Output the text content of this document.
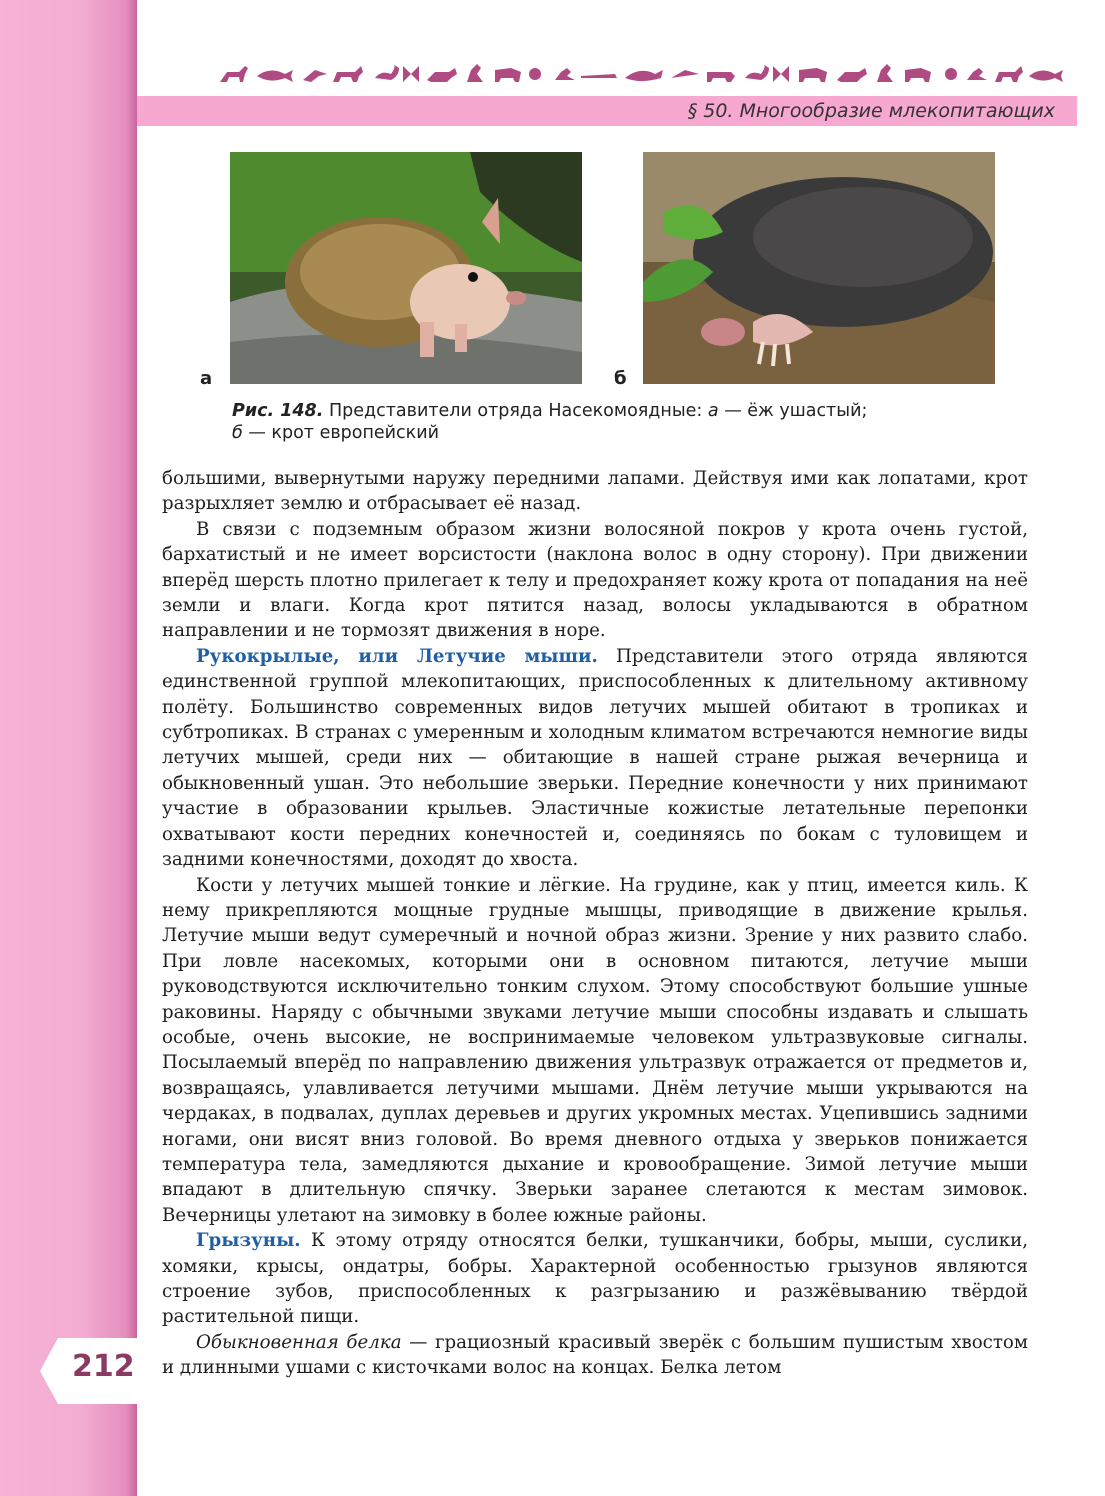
§ 50. Многообразие млекопитающих
а	б
Рис. 148. Представители отряда Насекомоядные: а — ёж ушастый;
б — крот европейский

большими, вывернутыми наружу передними лапами. Действуя ими как лопатами, крот разрыхляет землю и отбрасывает её назад.

В связи с подземным образом жизни волосяной покров у крота очень густой, бархатистый и не имеет ворсистости (наклона волос в одну сторону). При движении вперёд шерсть плотно прилегает к телу и предохраняет кожу крота от попадания на неё земли и влаги. Когда крот пятится назад, волосы укладываются в обратном направлении и не тормозят движения в норе.

Рукокрылые, или Летучие мыши. Представители этого отряда являются единственной группой млекопитающих, приспособленных к длительному активному полёту. Большинство современных видов летучих мышей обитают в тропиках и субтропиках. В странах с умеренным и холодным климатом встречаются немногие виды летучих мышей, среди них — обитающие в нашей стране рыжая вечерница и обыкновенный ушан. Это небольшие зверьки. Передние конечности у них принимают участие в образовании крыльев. Эластичные кожистые летательные перепонки охватывают кости передних конечностей и, соединяясь по бокам с туловищем и задними конечностями, доходят до хвоста.

Кости у летучих мышей тонкие и лёгкие. На грудине, как у птиц, имеется киль. К нему прикрепляются мощные грудные мышцы, приводящие в движение крылья. Летучие мыши ведут сумеречный и ночной образ жизни. Зрение у них развито слабо. При ловле насекомых, которыми они в основном питаются, летучие мыши руководствуются исключительно тонким слухом. Этому способствуют большие ушные раковины. Наряду с обычными звуками летучие мыши способны издавать и слышать особые, очень высокие, не воспринимаемые человеком ультразвуковые сигналы. Посылаемый вперёд по направлению движения ультразвук отражается от предметов и, возвращаясь, улавливается летучими мышами. Днём летучие мыши укрываются на чердаках, в подвалах, дуплах деревьев и других укромных местах. Уцепившись задними ногами, они висят вниз головой. Во время дневного отдыха у зверьков понижается температура тела, замедляются дыхание и кровообращение. Зимой летучие мыши впадают в длительную спячку. Зверьки заранее слетаются к местам зимовок. Вечерницы улетают на зимовку в более южные районы.

Грызуны. К этому отряду относятся белки, тушканчики, бобры, мыши, суслики, хомяки, крысы, ондатры, бобры. Характерной особенностью грызунов являются строение зубов, приспособленных к разгрызанию и разжёвыванию твёрдой растительной пищи.

Обыкновенная белка — грациозный красивый зверёк с большим пушистым хвостом и длинными ушами с кисточками волос на концах. Белка летом

212
